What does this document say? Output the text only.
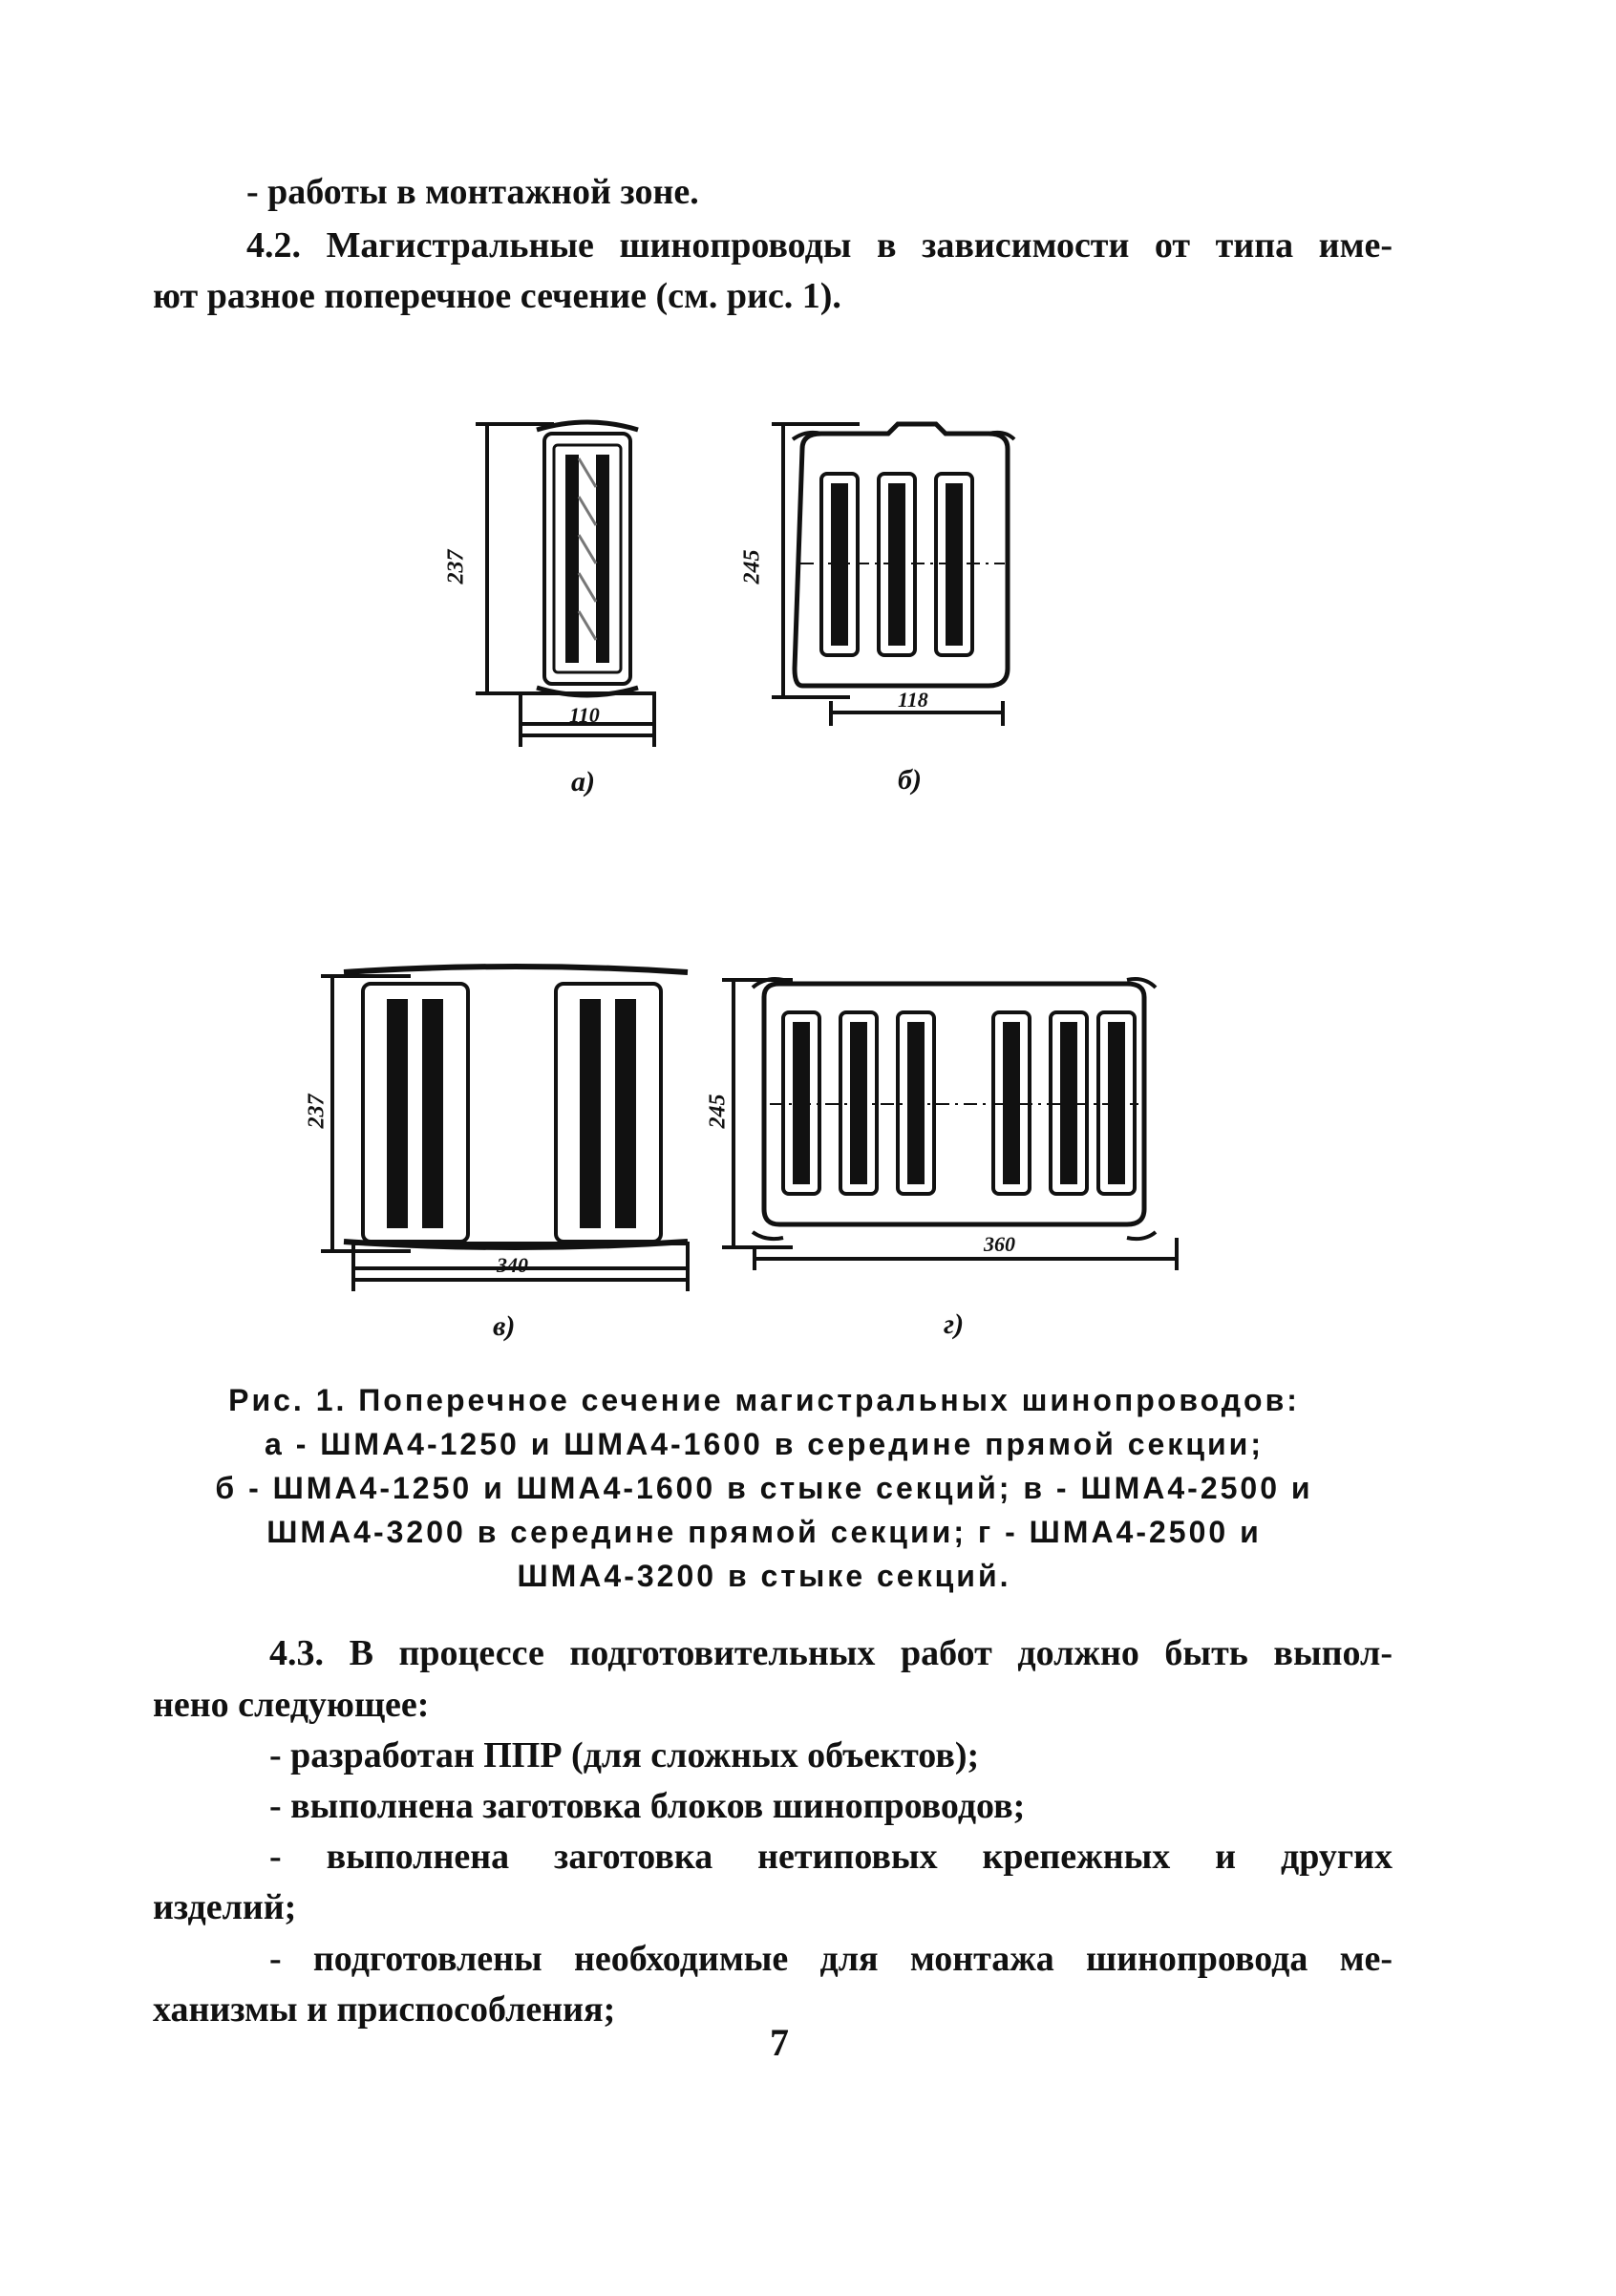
- работы в монтажной зоне.
4.2. Магистральные шинопроводы в зависимости от типа име-
ют разное поперечное сечение (см. рис. 1).
237
110
а)
245
118
б)
237
340
в)
245
360
г)
Рис. 1. Поперечное сечение магистральных шинопроводов:
а - ШМА4-1250 и ШМА4-1600 в середине прямой секции;
б - ШМА4-1250 и ШМА4-1600 в стыке секций; в - ШМА4-2500 и
ШМА4-3200 в середине прямой секции; г - ШМА4-2500 и
ШМА4-3200 в стыке секций.
4.3. В процессе подготовительных работ должно быть выпол-
нено следующее:
- разработан ППР (для сложных объектов);
- выполнена заготовка блоков шинопроводов;
- выполнена заготовка нетиповых крепежных и других
изделий;
- подготовлены необходимые для монтажа шинопровода ме-
ханизмы и приспособления;
7
